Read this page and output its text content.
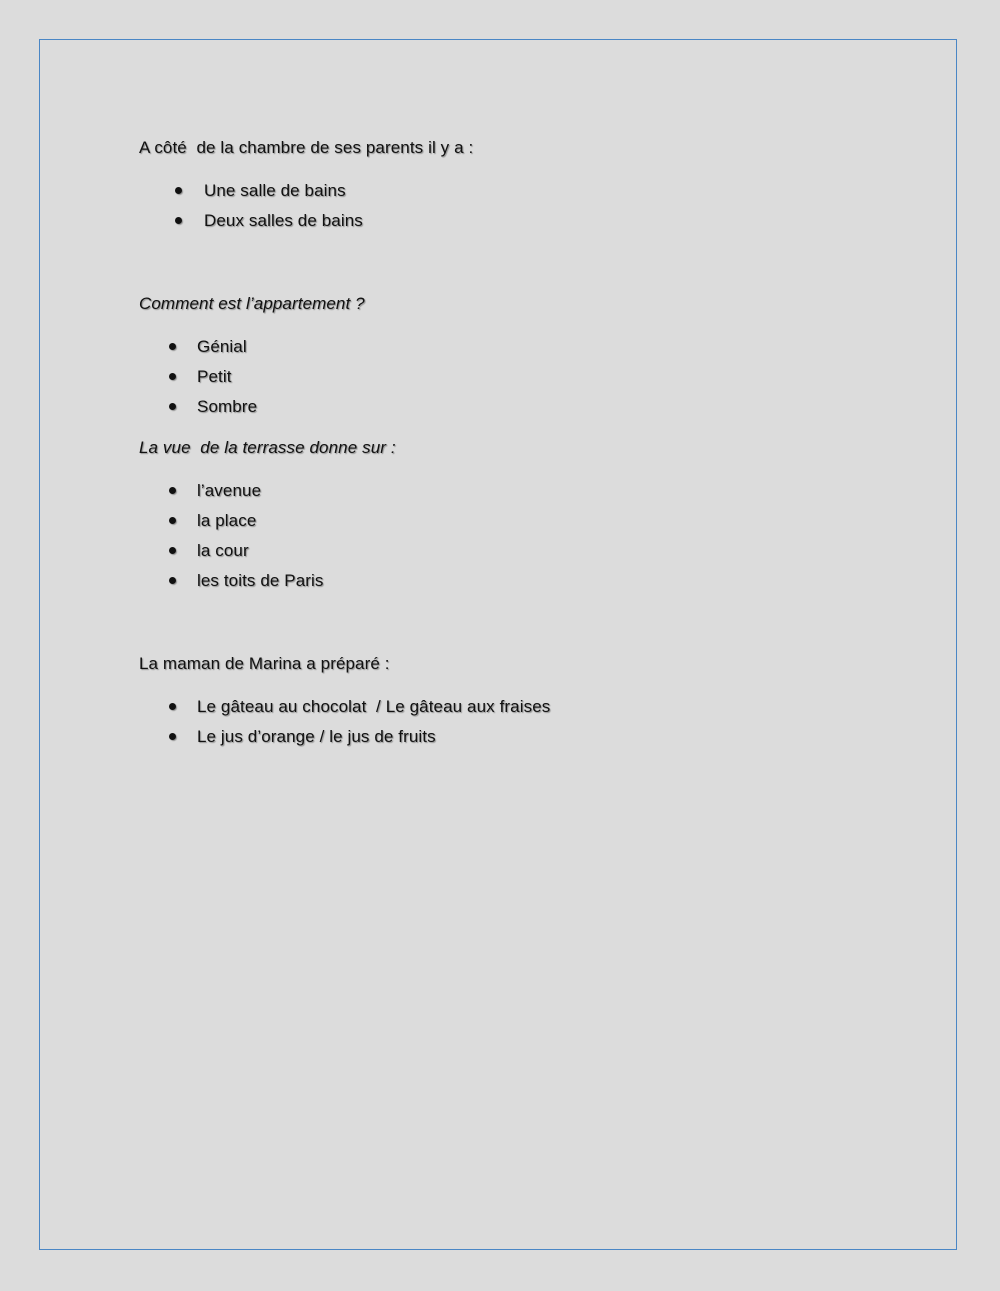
A côté  de la chambre de ses parents il y a :

Une salle de bains

Deux salles de bains

Comment est l’appartement ?

Génial

Petit

Sombre

La vue  de la terrasse donne sur :

l’avenue

la place

la cour

les toits de Paris

La maman de Marina a préparé :

Le gâteau au chocolat  / Le gâteau aux fraises

Le jus d’orange / le jus de fruits
